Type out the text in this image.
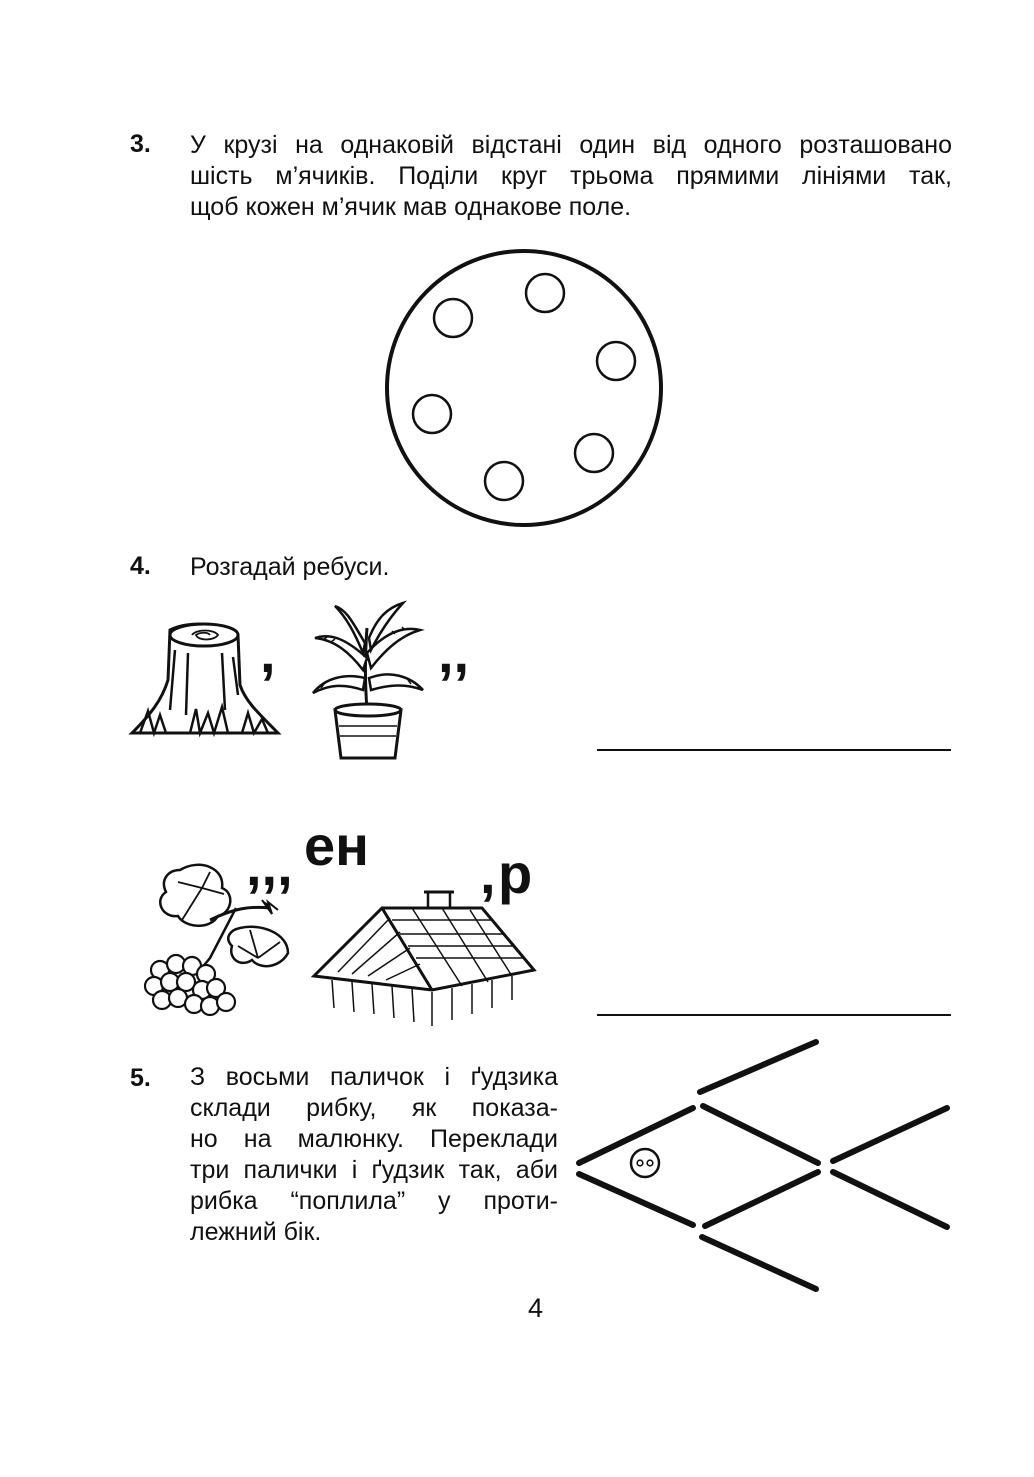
3. У крузі на однаковій відстані один від одного розташовано
шість м’ячиків. Поділи круг трьома прямими лініями так,
щоб кожен м’ячик мав однакове поле.
4. Розгадай ребуси.
,	,,
,,, ен , р
5. З восьми паличок і ґудзика
склади рибку, як показа-
но на малюнку. Переклади
три палички і ґудзик так, аби
рибка “поплила” у проти-
лежний бік.
4
